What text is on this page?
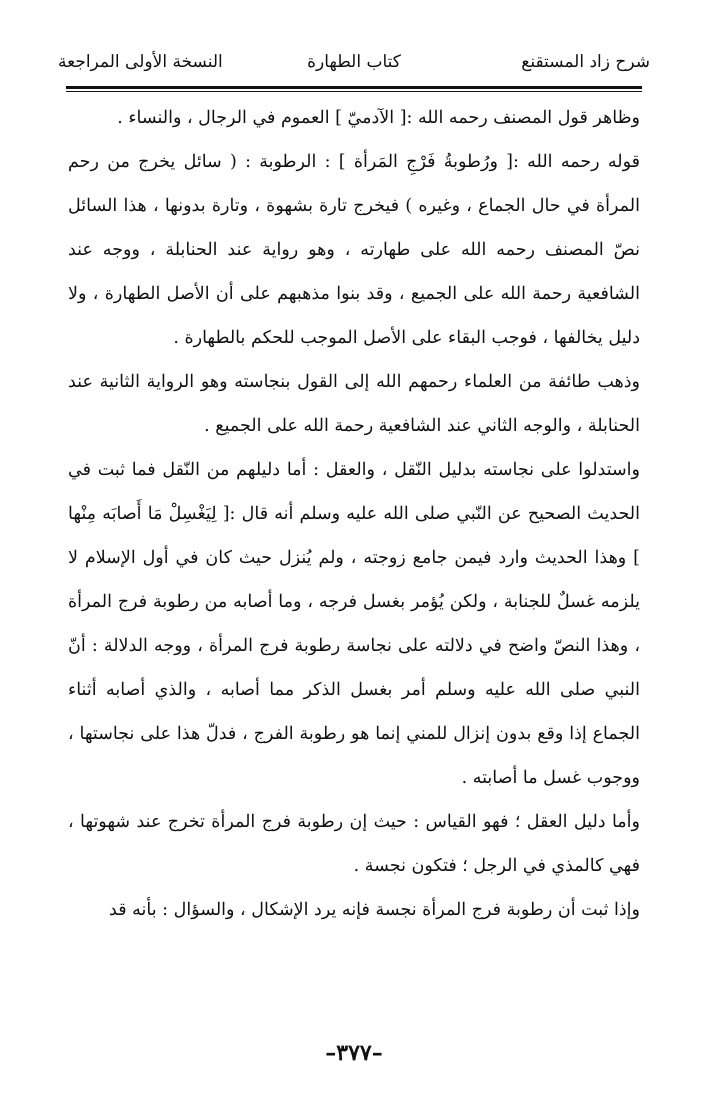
شرح زاد المستقنع
كتاب الطهارة
النسخة الأولى المراجعة

وظاهر قول المصنف رحمه الله :[ الآدميّ ] العموم في الرجال ، والنساء .

قوله رحمه الله :[ ورُطوبةُ فَرْجِ المَرأة ] : الرطوبة : ( سائل يخرج من رحم المرأة في حال الجماع ، وغيره ) فيخرج تارة بشهوة ، وتارة بدونها ، هذا السائل نصّ المصنف رحمه الله على طهارته ، وهو رواية عند الحنابلة ، ووجه عند الشافعية رحمة الله على الجميع ، وقد بنوا مذهبهم على أن الأصل الطهارة ، ولا دليل يخالفها ، فوجب البقاء على الأصل الموجب للحكم بالطهارة .

وذهب طائفة من العلماء رحمهم الله إلى القول بنجاسته وهو الرواية الثانية عند الحنابلة ، والوجه الثاني عند الشافعية رحمة الله على الجميع .

واستدلوا على نجاسته بدليل النّقل ، والعقل : أما دليلهم من النّقل فما ثبت في الحديث الصحيح عن النّبي صلى الله عليه وسلم أنه قال :[ لِيَغْسِلْ مَا أَصابَه مِنْها ] وهذا الحديث وارد فيمن جامع زوجته ، ولم يُنزل حيث كان في أول الإسلام لا يلزمه غسلٌ للجنابة ، ولكن يُؤمر بغسل فرجه ، وما أصابه من رطوبة فرج المرأة ، وهذا النصّ واضح في دلالته على نجاسة رطوبة فرج المرأة ، ووجه الدلالة : أنّ النبي صلى الله عليه وسلم أمر بغسل الذكر مما أصابه ، والذي أصابه أثناء الجماع إذا وقع بدون إنزال للمني إنما هو رطوبة الفرج ، فدلّ هذا على نجاستها ، ووجوب غسل ما أصابته .

وأما دليل العقل ؛ فهو القياس : حيث إن رطوبة فرج المرأة تخرج عند شهوتها ، فهي كالمذي في الرجل ؛ فتكون نجسة .

وإذا ثبت أن رطوبة فرج المرأة نجسة فإنه يرد الإشكال ، والسؤال : بأنه قد

–٣٧٧–
